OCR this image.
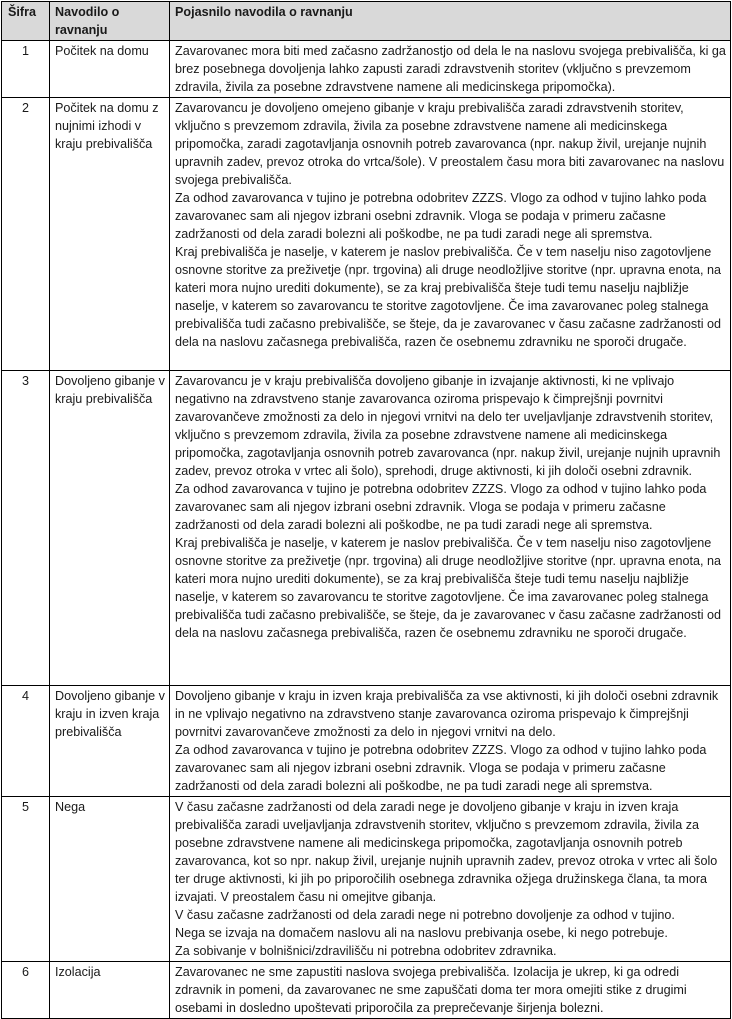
Šifra	Navodilo o ravnanju	Pojasnilo navodila o ravnanju
1	Počitek na domu	Zavarovanec mora biti med začasno zadržanostjo od dela le na naslovu svojega prebivališča, ki ga brez posebnega dovoljenja lahko zapusti zaradi zdravstvenih storitev (vključno s prevzemom zdravila, živila za posebne zdravstvene namene ali medicinskega pripomočka).

2	Počitek na domu z nujnimi izhodi v kraju prebivališča	Zavarovancu je dovoljeno omejeno gibanje v kraju prebivališča zaradi zdravstvenih storitev, vključno s prevzemom zdravila, živila za posebne zdravstvene namene ali medicinskega pripomočka, zaradi zagotavljanja osnovnih potreb zavarovanca (npr. nakup živil, urejanje nujnih upravnih zadev, prevoz otroka do vrtca/šole). V preostalem času mora biti zavarovanec na naslovu svojega prebivališča.
Za odhod zavarovanca v tujino je potrebna odobritev ZZZS. Vlogo za odhod v tujino lahko poda zavarovanec sam ali njegov izbrani osebni zdravnik. Vloga se podaja v primeru začasne zadržanosti od dela zaradi bolezni ali poškodbe, ne pa tudi zaradi nege ali spremstva.
Kraj prebivališča je naselje, v katerem je naslov prebivališča. Če v tem naselju niso zagotovljene osnovne storitve za preživetje (npr. trgovina) ali druge neodložljive storitve (npr. upravna enota, na kateri mora nujno urediti dokumente), se za kraj prebivališča šteje tudi temu naselju najbližje naselje, v katerem so zavarovancu te storitve zagotovljene. Če ima zavarovanec poleg stalnega prebivališča tudi začasno prebivališče, se šteje, da je zavarovanec v času začasne zadržanosti od dela na naslovu začasnega prebivališča, razen če osebnemu zdravniku ne sporoči drugače.

3	Dovoljeno gibanje v kraju prebivališča	Zavarovancu je v kraju prebivališča dovoljeno gibanje in izvajanje aktivnosti, ki ne vplivajo negativno na zdravstveno stanje zavarovanca oziroma prispevajo k čimprejšnji povrnitvi zavarovančeve zmožnosti za delo in njegovi vrnitvi na delo ter uveljavljanje zdravstvenih storitev, vključno s prevzemom zdravila, živila za posebne zdravstvene namene ali medicinskega pripomočka, zagotavljanja osnovnih potreb zavarovanca (npr. nakup živil, urejanje nujnih upravnih zadev, prevoz otroka v vrtec ali šolo), sprehodi, druge aktivnosti, ki jih določi osebni zdravnik.
Za odhod zavarovanca v tujino je potrebna odobritev ZZZS. Vlogo za odhod v tujino lahko poda zavarovanec sam ali njegov izbrani osebni zdravnik. Vloga se podaja v primeru začasne zadržanosti od dela zaradi bolezni ali poškodbe, ne pa tudi zaradi nege ali spremstva.
Kraj prebivališča je naselje, v katerem je naslov prebivališča. Če v tem naselju niso zagotovljene osnovne storitve za preživetje (npr. trgovina) ali druge neodložljive storitve (npr. upravna enota, na kateri mora nujno urediti dokumente), se za kraj prebivališča šteje tudi temu naselju najbližje naselje, v katerem so zavarovancu te storitve zagotovljene. Če ima zavarovanec poleg stalnega prebivališča tudi začasno prebivališče, se šteje, da je zavarovanec v času začasne zadržanosti od dela na naslovu začasnega prebivališča, razen če osebnemu zdravniku ne sporoči drugače.

4	Dovoljeno gibanje v kraju in izven kraja prebivališča	Dovoljeno gibanje v kraju in izven kraja prebivališča za vse aktivnosti, ki jih določi osebni zdravnik in ne vplivajo negativno na zdravstveno stanje zavarovanca oziroma prispevajo k čimprejšnji povrnitvi zavarovančeve zmožnosti za delo in njegovi vrnitvi na delo.
Za odhod zavarovanca v tujino je potrebna odobritev ZZZS. Vlogo za odhod v tujino lahko poda zavarovanec sam ali njegov izbrani osebni zdravnik. Vloga se podaja v primeru začasne zadržanosti od dela zaradi bolezni ali poškodbe, ne pa tudi zaradi nege ali spremstva.

5	Nega	V času začasne zadržanosti od dela zaradi nege je dovoljeno gibanje v kraju in izven kraja prebivališča zaradi uveljavljanja zdravstvenih storitev, vključno s prevzemom zdravila, živila za posebne zdravstvene namene ali medicinskega pripomočka, zagotavljanja osnovnih potreb zavarovanca, kot so npr. nakup živil, urejanje nujnih upravnih zadev, prevoz otroka v vrtec ali šolo ter druge aktivnosti, ki jih po priporočilih osebnega zdravnika ožjega družinskega člana, ta mora izvajati. V preostalem času ni omejitve gibanja.
V času začasne zadržanosti od dela zaradi nege ni potrebno dovoljenje za odhod v tujino.
Nega se izvaja na domačem naslovu ali na naslovu prebivanja osebe, ki nego potrebuje.
Za sobivanje v bolnišnici/zdravilišču ni potrebna odobritev zdravnika.

6	Izolacija	Zavarovanec ne sme zapustiti naslova svojega prebivališča. Izolacija je ukrep, ki ga odredi zdravnik in pomeni, da zavarovanec ne sme zapuščati doma ter mora omejiti stike z drugimi osebami in dosledno upoštevati priporočila za preprečevanje širjenja bolezni.
